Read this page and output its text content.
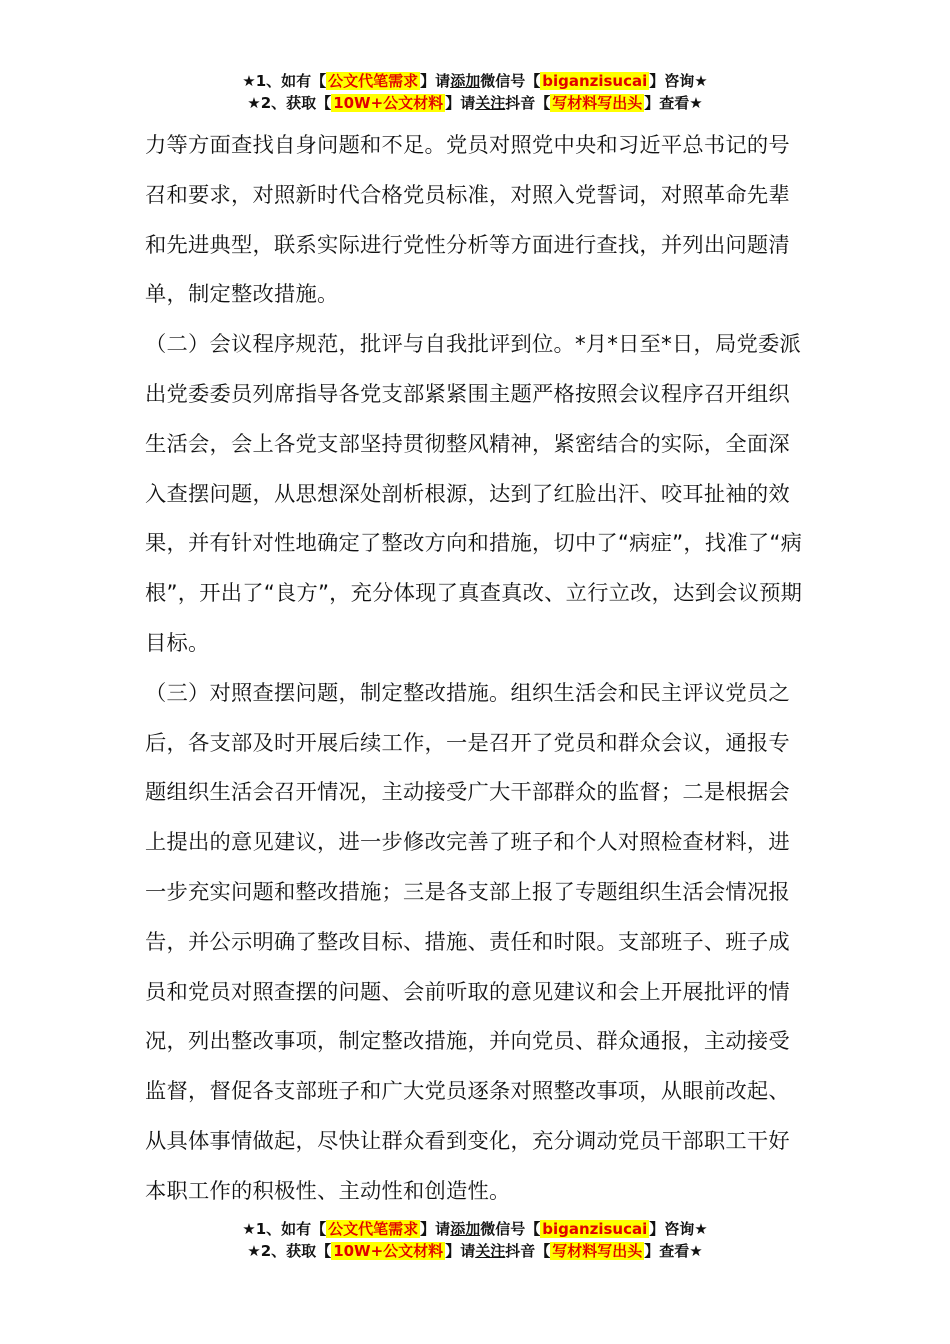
★1、如有【 公文代笔需求 】请添加微信号【 biganzisucai 】咨询★
★2、获取【 10W+公文材料 】请关注抖音【 写材料写出头 】查看★

力等方面查找自身问题和不足。党员对照党中央和习近平总书记的号召和要求，对照新时代合格党员标准，对照入党誓词，对照革命先辈和先进典型，联系实际进行党性分析等方面进行查找，并列出问题清单，制定整改措施。

（二）会议程序规范，批评与自我批评到位。*月*日至*日，局党委派出党委委员列席指导各党支部紧紧围主题严格按照会议程序召开组织生活会，会上各党支部坚持贯彻整风精神，紧密结合的实际，全面深入查摆问题，从思想深处剖析根源，达到了红脸出汗、咬耳扯袖的效果，并有针对性地确定了整改方向和措施，切中了“病症”，找准了“病根”，开出了“良方”，充分体现了真查真改、立行立改，达到会议预期目标。

（三）对照查摆问题，制定整改措施。组织生活会和民主评议党员之后，各支部及时开展后续工作，一是召开了党员和群众会议，通报专题组织生活会召开情况，主动接受广大干部群众的监督；二是根据会上提出的意见建议，进一步修改完善了班子和个人对照检查材料，进一步充实问题和整改措施；三是各支部上报了专题组织生活会情况报告，并公示明确了整改目标、措施、责任和时限。支部班子、班子成员和党员对照查摆的问题、会前听取的意见建议和会上开展批评的情况，列出整改事项，制定整改措施，并向党员、群众通报，主动接受监督，督促各支部班子和广大党员逐条对照整改事项，从眼前改起、从具体事情做起，尽快让群众看到变化，充分调动党员干部职工干好本职工作的积极性、主动性和创造性。

★1、如有【 公文代笔需求 】请添加微信号【 biganzisucai 】咨询★
★2、获取【 10W+公文材料 】请关注抖音【 写材料写出头 】查看★
